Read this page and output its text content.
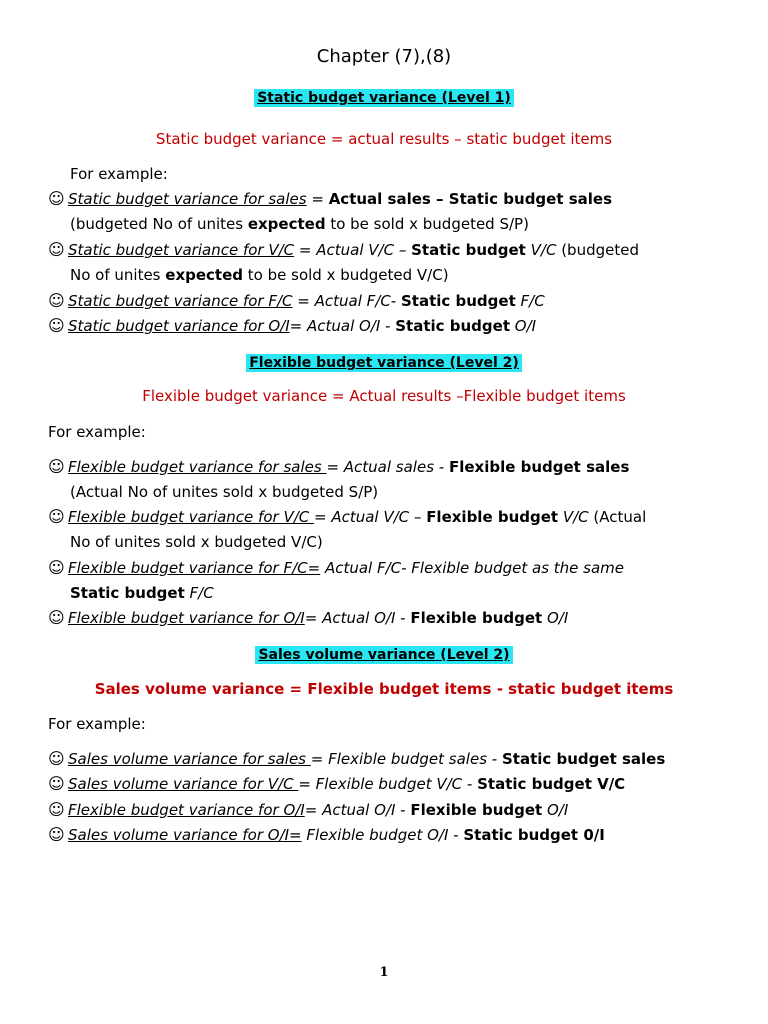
Chapter (7),(8)
Static budget variance (Level 1)
Static budget variance = actual results – static budget items
For example:
☺ Static budget variance for sales = Actual sales – Static budget sales
(budgeted No of unites expected to be sold x budgeted S/P)
☺ Static budget variance for V/C = Actual V/C – Static budget V/C (budgeted
No of unites expected to be sold x budgeted V/C)
☺ Static budget variance for F/C = Actual F/C- Static budget F/C
☺ Static budget variance for O/I= Actual O/I - Static budget O/I
Flexible budget variance (Level 2)
Flexible budget variance = Actual results –Flexible budget items
For example:
☺ Flexible budget variance for sales = Actual sales - Flexible budget sales
(Actual No of unites sold x budgeted S/P)
☺ Flexible budget variance for V/C = Actual V/C – Flexible budget V/C (Actual
No of unites sold x budgeted V/C)
☺ Flexible budget variance for F/C= Actual F/C- Flexible budget as the same
Static budget F/C
☺ Flexible budget variance for O/I= Actual O/I - Flexible budget O/I
Sales volume variance (Level 2)
Sales volume variance = Flexible budget items - static budget items
For example:
☺ Sales volume variance for sales = Flexible budget sales - Static budget sales
☺ Sales volume variance for V/C = Flexible budget V/C - Static budget V/C
☺ Flexible budget variance for O/I= Actual O/I - Flexible budget O/I
☺ Sales volume variance for O/I= Flexible budget O/I - Static budget 0/I
1
